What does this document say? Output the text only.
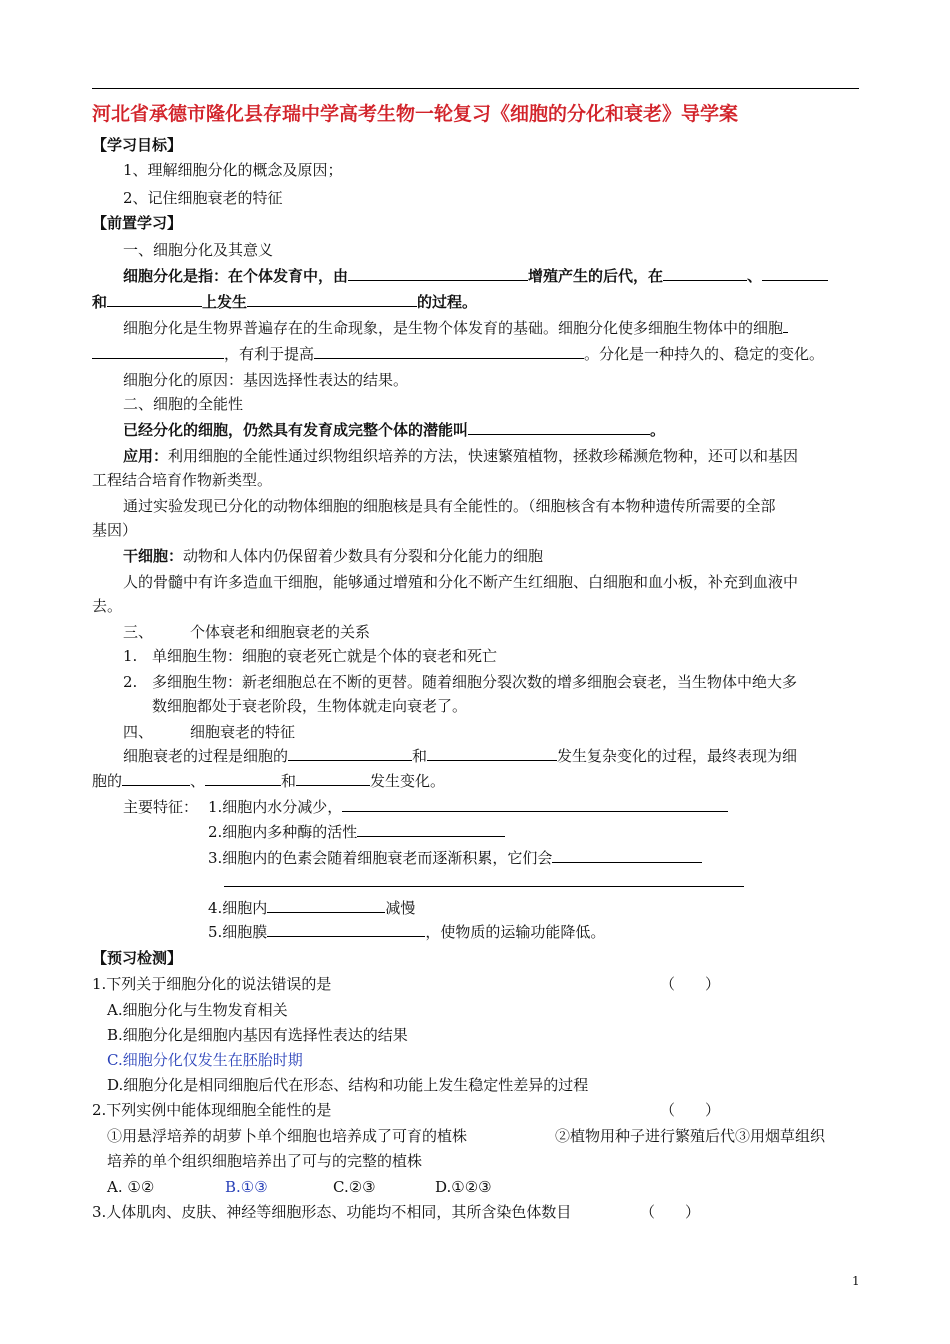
河北省承德市隆化县存瑞中学高考生物一轮复习《细胞的分化和衰老》导学案
【学习目标】
1、理解细胞分化的概念及原因；
2、记住细胞衰老的特征
【前置学习】
一、细胞分化及其意义
细胞分化是指：在个体发育中，由	增殖产生的后代，在	、
和	上发生	的过程。
细胞分化是生物界普遍存在的生命现象，是生物个体发育的基础。细胞分化使多细胞生物体中的细胞
，有利于提高	。分化是一种持久的、稳定的变化。
细胞分化的原因：基因选择性表达的结果。
二、细胞的全能性
已经分化的细胞，仍然具有发育成完整个体的潜能叫	。
应用：利用细胞的全能性通过织物组织培养的方法，快速繁殖植物，拯救珍稀濒危物种，还可以和基因
工程结合培育作物新类型。
通过实验发现已分化的动物体细胞的细胞核是具有全能性的。（细胞核含有本物种遗传所需要的全部
基因）
干细胞：动物和人体内仍保留着少数具有分裂和分化能力的细胞
人的骨髓中有许多造血干细胞，能够通过增殖和分化不断产生红细胞、白细胞和血小板，补充到血液中
去。
三、 个体衰老和细胞衰老的关系
1. 单细胞生物：细胞的衰老死亡就是个体的衰老和死亡
2. 多细胞生物：新老细胞总在不断的更替。随着细胞分裂次数的增多细胞会衰老，当生物体中绝大多
数细胞都处于衰老阶段，生物体就走向衰老了。
四、 细胞衰老的特征
细胞衰老的过程是细胞的	和	发生复杂变化的过程，最终表现为细
胞的	、	和	发生变化。
主要特征： 1.细胞内水分减少，
2.细胞内多种酶的活性
3.细胞内的色素会随着细胞衰老而逐渐积累，它们会
4.细胞内	减慢
5.细胞膜	，使物质的运输功能降低。
【预习检测】
1.下列关于细胞分化的说法错误的是	（　　）
A.细胞分化与生物发育相关
B.细胞分化是细胞内基因有选择性表达的结果
C.细胞分化仅发生在胚胎时期
D.细胞分化是相同细胞后代在形态、结构和功能上发生稳定性差异的过程
2.下列实例中能体现细胞全能性的是	（　　）
①用悬浮培养的胡萝卜单个细胞也培养成了可育的植株	②植物用种子进行繁殖后代③用烟草组织
培养的单个组织细胞培养出了可与的完整的植株
A. ①②	B.①③	C.②③	D.①②③
3.人体肌肉、皮肤、神经等细胞形态、功能均不相同，其所含染色体数目	（　　）
1
